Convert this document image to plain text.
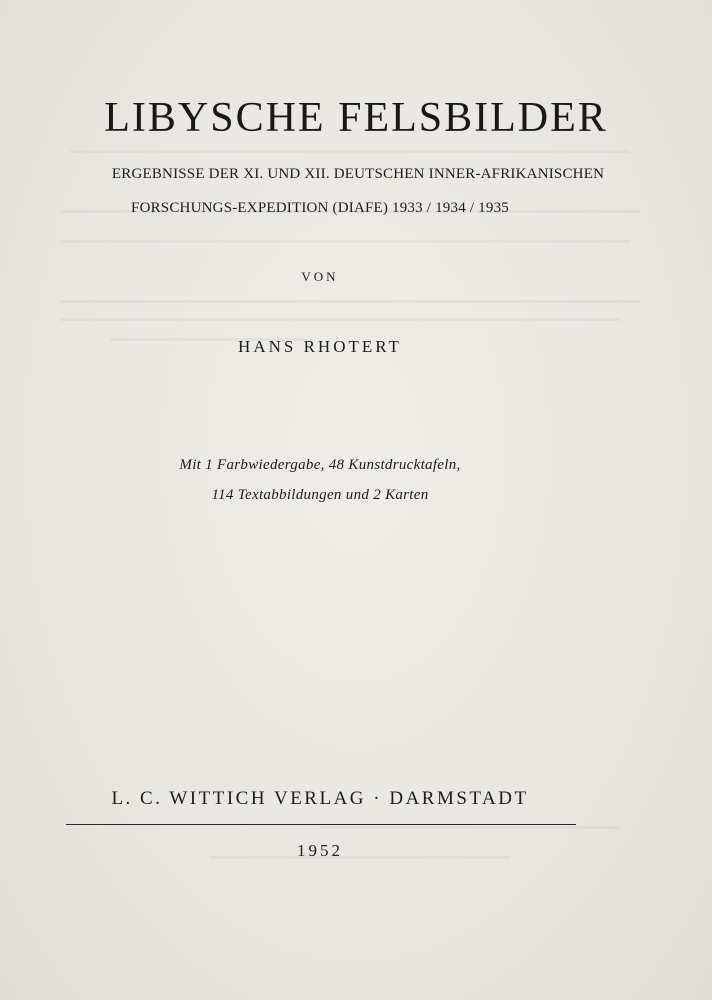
LIBYSCHE FELSBILDER
ERGEBNISSE DER XI. UND XII. DEUTSCHEN INNER-AFRIKANISCHEN
FORSCHUNGS-EXPEDITION (DIAFE) 1933 / 1934 / 1935
VON
HANS RHOTERT
Mit 1 Farbwiedergabe, 48 Kunstdrucktafeln,
114 Textabbildungen und 2 Karten
L. C. WITTICH VERLAG · DARMSTADT
1952
